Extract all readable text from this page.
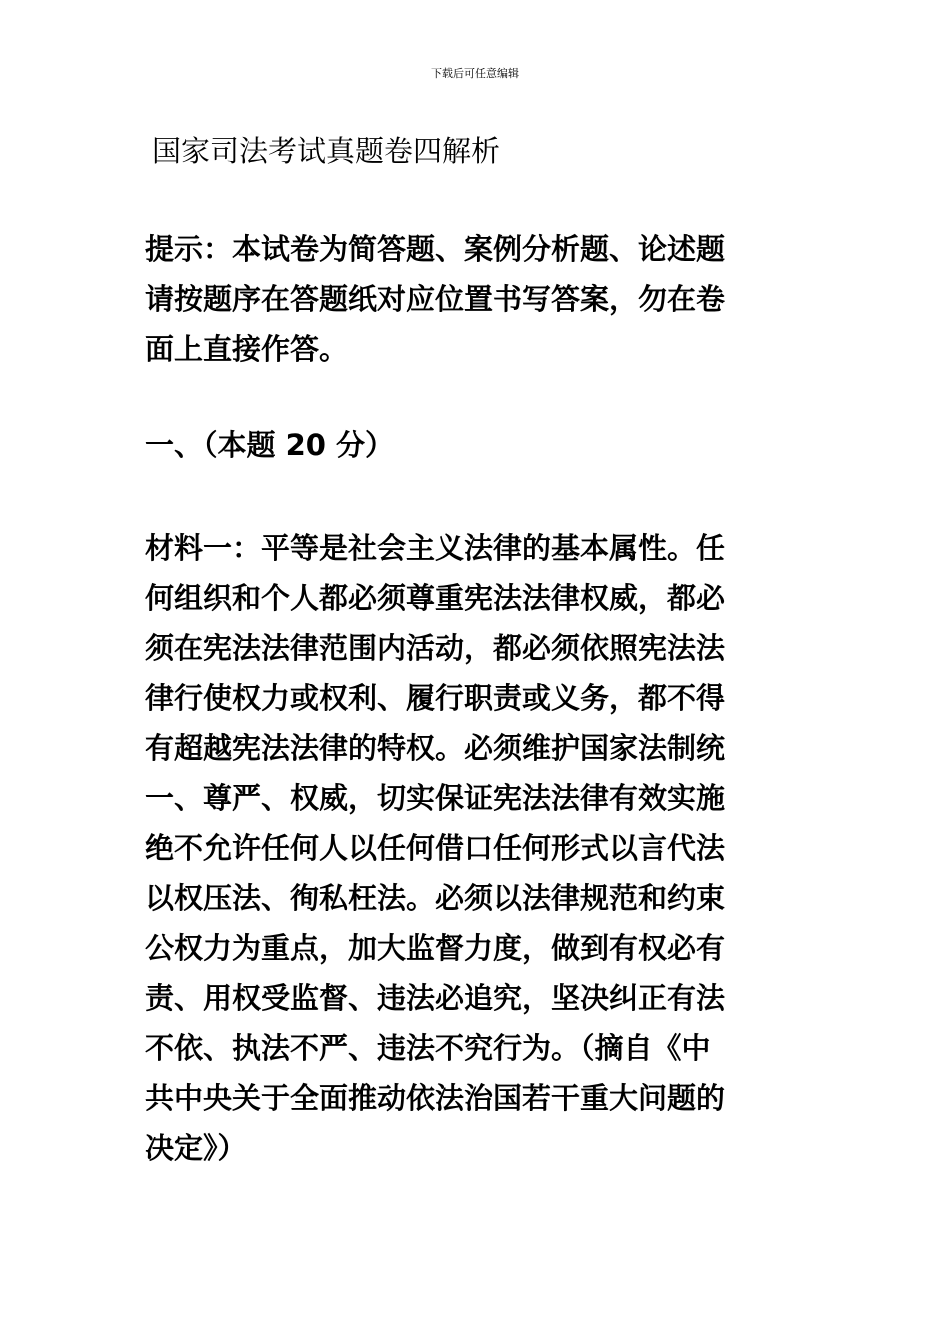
下载后可任意编辑
国家司法考试真题卷四解析
提示：本试卷为简答题、案例分析题、论述题
请按题序在答题纸对应位置书写答案，勿在卷
面上直接作答。
一、（本题 20 分）
材料一：平等是社会主义法律的基本属性。任
何组织和个人都必须尊重宪法法律权威，都必
须在宪法法律范围内活动，都必须依照宪法法
律行使权力或权利、履行职责或义务，都不得
有超越宪法法律的特权。必须维护国家法制统
一、尊严、权威，切实保证宪法法律有效实施
绝不允许任何人以任何借口任何形式以言代法
以权压法、徇私枉法。必须以法律规范和约束
公权力为重点，加大监督力度，做到有权必有
责、用权受监督、违法必追究，坚决纠正有法
不依、执法不严、违法不究行为。（摘自《中
共中央关于全面推动依法治国若干重大问题的
决定》）
